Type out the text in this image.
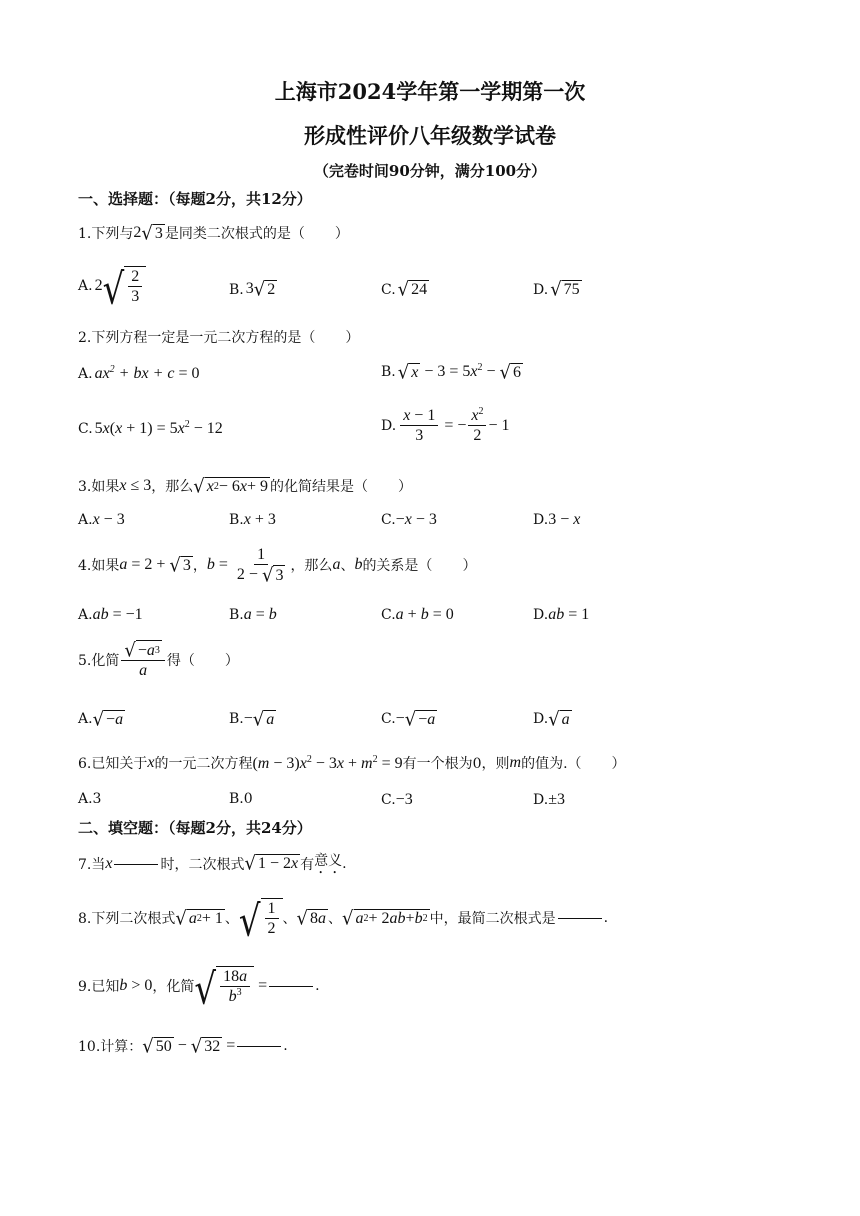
上海市2024学年第一学期第一次
形成性评价八年级数学试卷
（完卷时间90分钟，满分100分）
一、选择题：（每题2分，共12分）
1.下列与 2 √ 3 是同类二次根式的是（ ）
A. 2 √ $\frac{2}{3}$	B. 3 √ 2	C. √ 24	D. √ 75
2.下列方程一定是一元二次方程的是（ ）
A. $ax^2$ + bx + c = 0	B. √ $x - 3 = 5x^2$ − √ 6
C. $5x(x + 1) = 5x^2 - 12$	D. $\frac{x - 1}{3}$ = − $\frac{x^2}{2} - 1$
3.如果 x ≤ 3 ，那么 √ x 2 − 6 x + 9 的化简结果是（ ）
A.x − 3	B.x + 3	C.−x − 3	D.3 − x
4.如果 a = 2 + √ 3 ， $b = \frac{1}{2 - √ 3}$ ，那么 a 、 b 的关系是（ ）
A.ab = −1	B.a = b	C.a + b = 0	D.ab = 1
5.化简 $\frac{√ - a 3}{a}$ 得（ ）
A. √ − a	B.− √ a	C.− √ − a	D. √ a
6.已知关于 x 的一元二次方程 $(m - 3)x^2 - 3x + m^2 = 9$ 有一个根为0，则 m 的值为.（ ）
A.3	B.0	C.−3	D.±3
二、填空题：（每题2分，共24分）
7.当 x	时，二次根式 √ 1 − 2 x 有 意义 .
8.下列二次根式 √ a 2 + 1 、 √ $\frac{1}{2}$ 、 √ 8 a 、 √ a 2 + 2 ab + b 2 中，最简二次根式是	.
9.已知 b > 0 ，化简 √ $\frac{18a}{b^3}$ =	.
10.计算： √ 50 − √ 32 =	.
